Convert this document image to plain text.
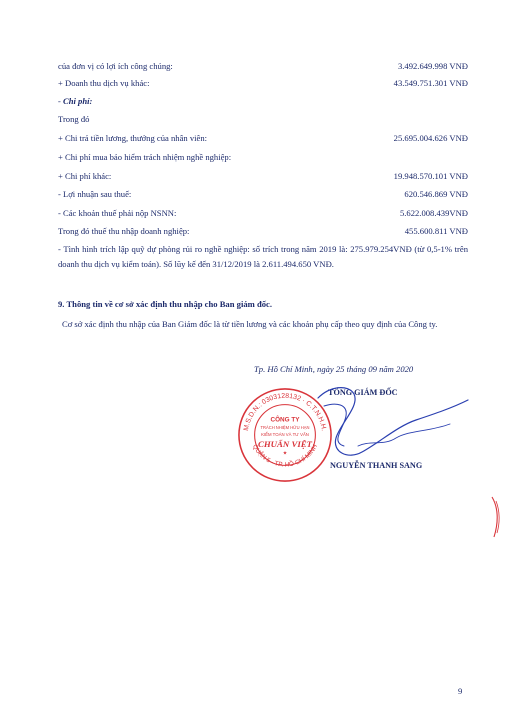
của đơn vị có lợi ích công chúng:	3.492.649.998 VNĐ
+ Doanh thu dịch vụ khác:	43.549.751.301 VNĐ
- Chi phí:
Trong đó
+ Chi trả tiền lương, thưởng của nhân viên:	25.695.004.626 VNĐ
+ Chi phí mua bảo hiểm trách nhiệm nghề nghiệp:
+ Chi phí khác:	19.948.570.101 VNĐ
- Lợi nhuận sau thuế:	620.546.869 VNĐ
- Các khoản thuế phải nộp NSNN:	5.622.008.439VNĐ
Trong đó thuế thu nhập doanh nghiệp:	455.600.811 VNĐ
- Tình hình trích lập quỹ dự phòng rủi ro nghề nghiệp: số trích trong năm 2019 là: 275.979.254VNĐ (từ 0,5-1% trên doanh thu dịch vụ kiểm toán). Số lũy kế đến 31/12/2019 là 2.611.494.650 VNĐ.
9. Thông tin về cơ sở xác định thu nhập cho Ban giám đốc.
Cơ sở xác định thu nhập của Ban Giám đốc là từ tiền lương và các khoản phụ cấp theo quy định của Công ty.
Tp. Hồ Chí Minh, ngày 25 tháng 09 năm 2020
TỔNG GIÁM ĐỐC
M.S.D.N.: 0303128132 · C.T.N.H.H.
QUẬN 5 - TP. HỒ CHÍ MINH
CÔNG TY
TRÁCH NHIỆM HỮU HẠN
KIỂM TOÁN VÀ TƯ VẤN
CHUẨN VIỆT
★
NGUYỄN THANH SANG
9
